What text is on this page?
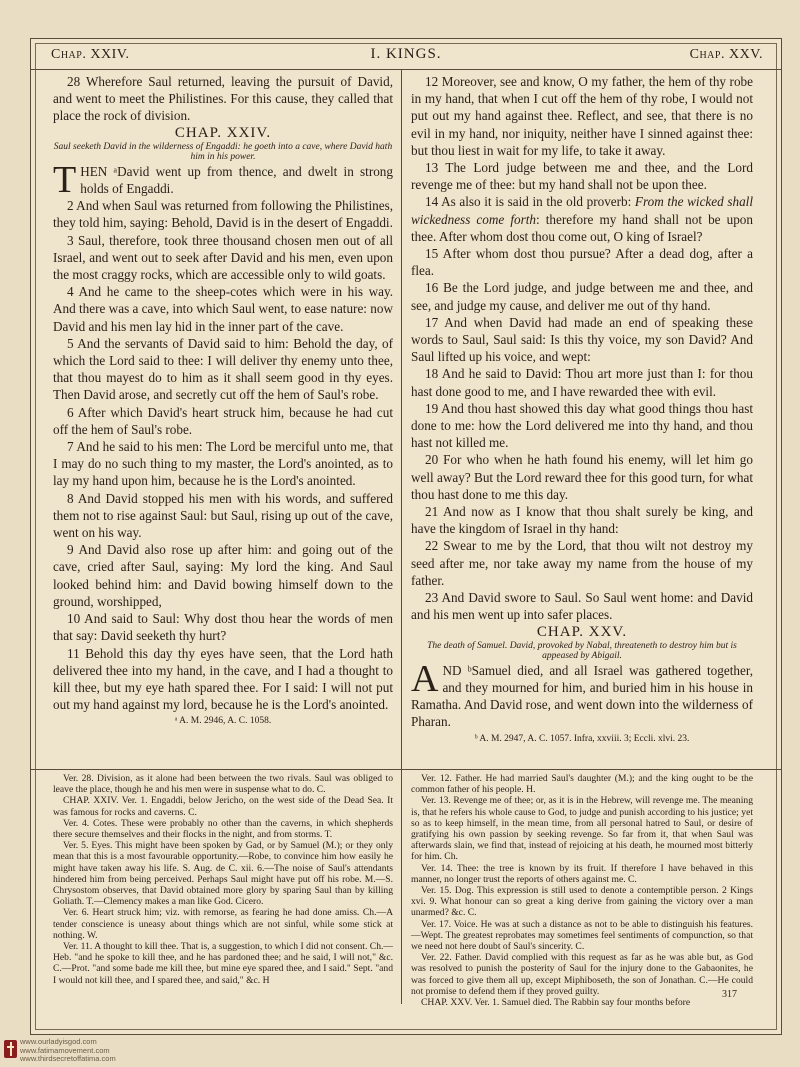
Chap. XXIV.	I. KINGS.	Chap. XXV.

28 Wherefore Saul returned, leaving the pursuit of David, and went to meet the Philistines. For this cause, they called that place the rock of division.

CHAP. XXIV.

Saul seeketh David in the wilderness of Engaddi: he goeth into a cave, where David hath him in his power.

THEN ᵃDavid went up from thence, and dwelt in strong holds of Engaddi.

2 And when Saul was returned from following the Philistines, they told him, saying: Behold, David is in the desert of Engaddi.

3 Saul, therefore, took three thousand chosen men out of all Israel, and went out to seek after David and his men, even upon the most craggy rocks, which are accessible only to wild goats.

4 And he came to the sheep-cotes which were in his way. And there was a cave, into which Saul went, to ease nature: now David and his men lay hid in the inner part of the cave.

5 And the servants of David said to him: Behold the day, of which the Lord said to thee: I will deliver thy enemy unto thee, that thou mayest do to him as it shall seem good in thy eyes. Then David arose, and secretly cut off the hem of Saul's robe.

6 After which David's heart struck him, because he had cut off the hem of Saul's robe.

7 And he said to his men: The Lord be merciful unto me, that I may do no such thing to my master, the Lord's anointed, as to lay my hand upon him, because he is the Lord's anointed.

8 And David stopped his men with his words, and suffered them not to rise against Saul: but Saul, rising up out of the cave, went on his way.

9 And David also rose up after him: and going out of the cave, cried after Saul, saying: My lord the king. And Saul looked behind him: and David bowing himself down to the ground, worshipped,

10 And said to Saul: Why dost thou hear the words of men that say: David seeketh thy hurt?

11 Behold this day thy eyes have seen, that the Lord hath delivered thee into my hand, in the cave, and I had a thought to kill thee, but my eye hath spared thee. For I said: I will not put out my hand against my lord, because he is the Lord's anointed.

ᵃ A. M. 2946, A. C. 1058.

12 Moreover, see and know, O my father, the hem of thy robe in my hand, that when I cut off the hem of thy robe, I would not put out my hand against thee. Reflect, and see, that there is no evil in my hand, nor iniquity, neither have I sinned against thee: but thou liest in wait for my life, to take it away.

13 The Lord judge between me and thee, and the Lord revenge me of thee: but my hand shall not be upon thee.

14 As also it is said in the old proverb: From the wicked shall wickedness come forth: therefore my hand shall not be upon thee. After whom dost thou come out, O king of Israel?

15 After whom dost thou pursue? After a dead dog, after a flea.

16 Be the Lord judge, and judge between me and thee, and see, and judge my cause, and deliver me out of thy hand.

17 And when David had made an end of speaking these words to Saul, Saul said: Is this thy voice, my son David? And Saul lifted up his voice, and wept:

18 And he said to David: Thou art more just than I: for thou hast done good to me, and I have rewarded thee with evil.

19 And thou hast showed this day what good things thou hast done to me: how the Lord delivered me into thy hand, and thou hast not killed me.

20 For who when he hath found his enemy, will let him go well away? But the Lord reward thee for this good turn, for what thou hast done to me this day.

21 And now as I know that thou shalt surely be king, and have the kingdom of Israel in thy hand:

22 Swear to me by the Lord, that thou wilt not destroy my seed after me, nor take away my name from the house of my father.

23 And David swore to Saul. So Saul went home: and David and his men went up into safer places.

CHAP. XXV.

The death of Samuel. David, provoked by Nabal, threateneth to destroy him but is appeased by Abigail.

AND ᵇSamuel died, and all Israel was gathered together, and they mourned for him, and buried him in his house in Ramatha. And David rose, and went down into the wilderness of Pharan.

ᵇ A. M. 2947, A. C. 1057. Infra, xxviii. 3; Eccli. xlvi. 23.

Ver. 28. Division, as it alone had been between the two rivals. Saul was obliged to leave the place, though he and his men were in suspense what to do. C.

CHAP. XXIV. Ver. 1. Engaddi, below Jericho, on the west side of the Dead Sea. It was famous for rocks and caverns. C.

Ver. 4. Cotes. These were probably no other than the caverns, in which shepherds there secure themselves and their flocks in the night, and from storms. T.

Ver. 5. Eyes. This might have been spoken by Gad, or by Samuel (M.); or they only mean that this is a most favourable opportunity.—Robe, to convince him how easily he might have taken away his life. S. Aug. de C. xii. 6.—The noise of Saul's attendants hindered him from being perceived. Perhaps Saul might have put off his robe. M.—S. Chrysostom observes, that David obtained more glory by sparing Saul than by killing Goliath. T.—Clemency makes a man like God. Cicero.

Ver. 6. Heart struck him; viz. with remorse, as fearing he had done amiss. Ch.—A tender conscience is uneasy about things which are not sinful, while some stick at nothing. W.

Ver. 11. A thought to kill thee. That is, a suggestion, to which I did not consent. Ch.—Heb. "and he spoke to kill thee, and he has pardoned thee; and he said, I will not," &c. C.—Prot. "and some bade me kill thee, but mine eye spared thee, and I said." Sept. "and I would not kill thee, and I spared thee, and said," &c. H

Ver. 12. Father. He had married Saul's daughter (M.); and the king ought to be the common father of his people. H.

Ver. 13. Revenge me of thee; or, as it is in the Hebrew, will revenge me. The meaning is, that he refers his whole cause to God, to judge and punish according to his justice; yet so as to keep himself, in the mean time, from all personal hatred to Saul, or desire of gratifying his own passion by seeking revenge. So far from it, that when Saul was afterwards slain, we find that, instead of rejoicing at his death, he mourned most bitterly for him. Ch.

Ver. 14. Thee: the tree is known by its fruit. If therefore I have behaved in this manner, no longer trust the reports of others against me. C.

Ver. 15. Dog. This expression is still used to denote a contemptible person. 2 Kings xvi. 9. What honour can so great a king derive from gaining the victory over a man unarmed? &c. C.

Ver. 17. Voice. He was at such a distance as not to be able to distinguish his features.—Wept. The greatest reprobates may sometimes feel sentiments of compunction, so that we need not here doubt of Saul's sincerity. C.

Ver. 22. Father. David complied with this request as far as he was able but, as God was resolved to punish the posterity of Saul for the injury done to the Gabaonites, he was forced to give them all up, except Miphiboseth, the son of Jonathan. C.—He could not promise to defend them if they proved guilty.

CHAP. XXV. Ver. 1. Samuel died. The Rabbin say four months before

317
www.ourladyisgod.com
www.fatimamovement.com
www.thirdsecretoffatima.com
